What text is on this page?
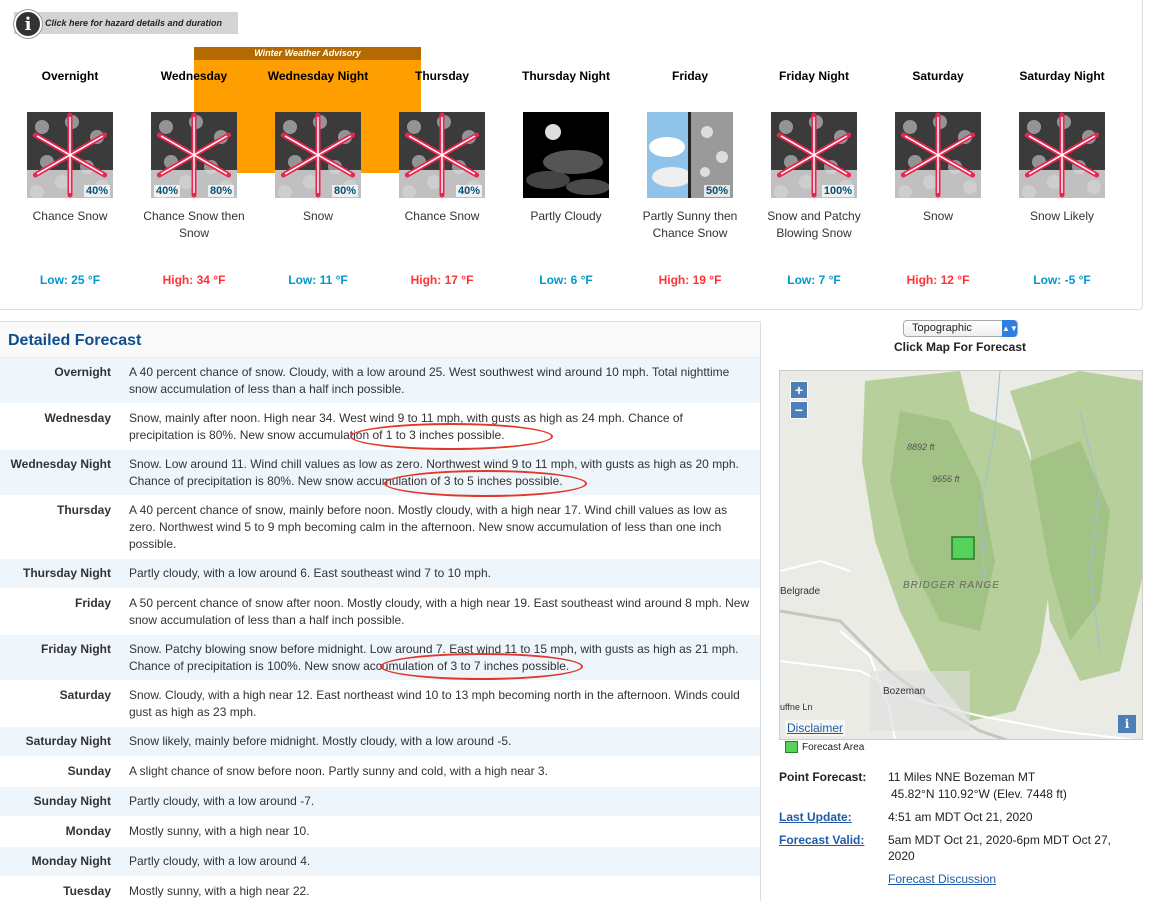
i	Click here for hazard details and duration
Winter Weather Advisory
Overnight
40%
Chance Snow
Low: 25 °F
Wednesday
40%	80%
Chance Snow then Snow
High: 34 °F
Wednesday Night
80%
Snow
Low: 11 °F
Thursday
40%
Chance Snow
High: 17 °F
Thursday Night
Partly Cloudy
Low: 6 °F
Friday
50%
Partly Sunny then Chance Snow
High: 19 °F
Friday Night
100%
Snow and Patchy Blowing Snow
Low: 7 °F
Saturday
Snow
High: 12 °F
Saturday Night
Snow Likely
Low: -5 °F
Detailed Forecast
Overnight	A 40 percent chance of snow. Cloudy, with a low around 25. West southwest wind around 10 mph. Total nighttime snow accumulation of less than a half inch possible.
Wednesday	Snow, mainly after noon. High near 34. West wind 9 to 11 mph, with gusts as high as 24 mph. Chance of precipitation is 80%. New snow accumulation of 1 to 3 inches possible.
Wednesday Night	Snow. Low around 11. Wind chill values as low as zero. Northwest wind 9 to 11 mph, with gusts as high as 20 mph. Chance of precipitation is 80%. New snow accumulation of 3 to 5 inches possible.
Thursday	A 40 percent chance of snow, mainly before noon. Mostly cloudy, with a high near 17. Wind chill values as low as zero. Northwest wind 5 to 9 mph becoming calm in the afternoon. New snow accumulation of less than one inch possible.
Thursday Night	Partly cloudy, with a low around 6. East southeast wind 7 to 10 mph.
Friday	A 50 percent chance of snow after noon. Mostly cloudy, with a high near 19. East southeast wind around 8 mph. New snow accumulation of less than a half inch possible.
Friday Night	Snow. Patchy blowing snow before midnight. Low around 7. East wind 11 to 15 mph, with gusts as high as 21 mph. Chance of precipitation is 100%. New snow accumulation of 3 to 7 inches possible.
Saturday	Snow. Cloudy, with a high near 12. East northeast wind 10 to 13 mph becoming north in the afternoon. Winds could gust as high as 23 mph.
Saturday Night	Snow likely, mainly before midnight. Mostly cloudy, with a low around -5.
Sunday	A slight chance of snow before noon. Partly sunny and cold, with a high near 3.
Sunday Night	Partly cloudy, with a low around -7.
Monday	Mostly sunny, with a high near 10.
Monday Night	Partly cloudy, with a low around 4.
Tuesday	Mostly sunny, with a high near 22.
Topographic	▲▼
Click Map For Forecast
+
−
8892 ft
9656 ft
BRIDGER RANGE
Belgrade
Bozeman
uffne Ln
Disclaimer	i
Forecast Area
Point Forecast:	11 Miles NNE Bozeman MT
45.82°N 110.92°W (Elev. 7448 ft)
Last Update:	4:51 am MDT Oct 21, 2020
Forecast Valid:	5am MDT Oct 21, 2020-6pm MDT Oct 27, 2020
Forecast Discussion
